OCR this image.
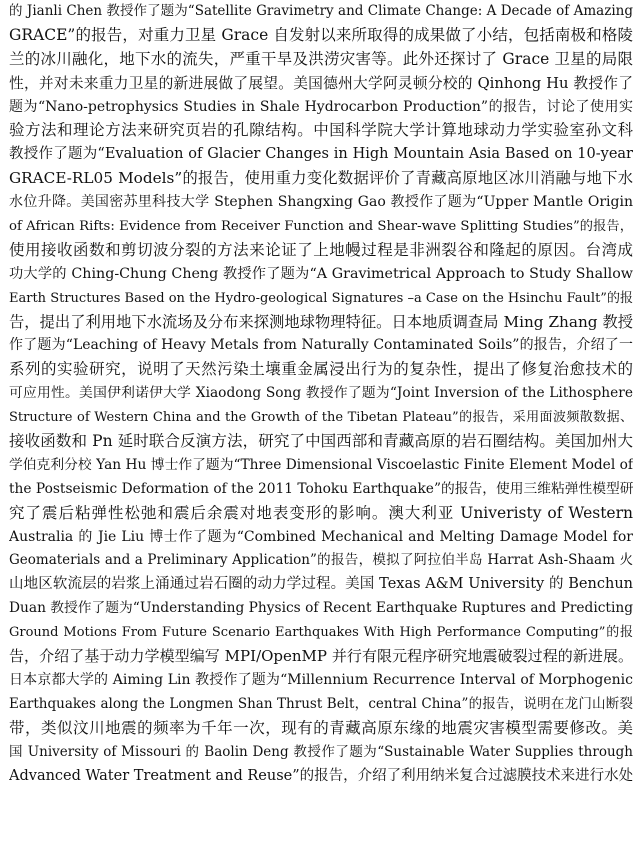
的 Jianli Chen 教授作了题为“Satellite Gravimetry and Climate Change: A Decade of Amazing
GRACE”的报告，对重力卫星 Grace 自发射以来所取得的成果做了小结，包括南极和格陵
兰的冰川融化，地下水的流失，严重干旱及洪涝灾害等。此外还探讨了 Grace 卫星的局限
性，并对未来重力卫星的新进展做了展望。美国德州大学阿灵顿分校的 Qinhong Hu 教授作了
题为“Nano-petrophysics Studies in Shale Hydrocarbon Production”的报告，讨论了使用实
验方法和理论方法来研究页岩的孔隙结构。中国科学院大学计算地球动力学实验室孙文科
教授作了题为“Evaluation of Glacier Changes in High Mountain Asia Based on 10-year
GRACE-RL05 Models”的报告，使用重力变化数据评价了青藏高原地区冰川消融与地下水
水位升降。美国密苏里科技大学 Stephen Shangxing Gao 教授作了题为“Upper Mantle Origin
of African Rifts: Evidence from Receiver Function and Shear-wave Splitting Studies”的报告，
使用接收函数和剪切波分裂的方法来论证了上地幔过程是非洲裂谷和隆起的原因。台湾成
功大学的 Ching-Chung Cheng 教授作了题为“A Gravimetrical Approach to Study Shallow
Earth Structures Based on the Hydro-geological Signatures –a Case on the Hsinchu Fault”的报
告，提出了利用地下水流场及分布来探测地球物理特征。日本地质调查局 Ming Zhang 教授
作了题为“Leaching of Heavy Metals from Naturally Contaminated Soils”的报告，介绍了一
系列的实验研究，说明了天然污染土壤重金属浸出行为的复杂性，提出了修复治愈技术的
可应用性。美国伊利诺伊大学 Xiaodong Song 教授作了题为“Joint Inversion of the Lithosphere
Structure of Western China and the Growth of the Tibetan Plateau”的报告，采用面波频散数据、
接收函数和 Pn 延时联合反演方法，研究了中国西部和青藏高原的岩石圈结构。美国加州大
学伯克利分校 Yan Hu 博士作了题为“Three Dimensional Viscoelastic Finite Element Model of
the Postseismic Deformation of the 2011 Tohoku Earthquake”的报告，使用三维粘弹性模型研
究了震后粘弹性松弛和震后余震对地表变形的影响。澳大利亚 Univeristy of Western
Australia 的 Jie Liu 博士作了题为“Combined Mechanical and Melting Damage Model for
Geomaterials and a Preliminary Application”的报告，模拟了阿拉伯半岛 Harrat Ash-Shaam 火
山地区软流层的岩浆上涌通过岩石圈的动力学过程。美国 Texas A&M University 的 Benchun
Duan 教授作了题为“Understanding Physics of Recent Earthquake Ruptures and Predicting
Ground Motions From Future Scenario Earthquakes With High Performance Computing”的报
告，介绍了基于动力学模型编写 MPI/OpenMP 并行有限元程序研究地震破裂过程的新进展。
日本京都大学的 Aiming Lin 教授作了题为“Millennium Recurrence Interval of Morphogenic
Earthquakes along the Longmen Shan Thrust Belt，central China”的报告，说明在龙门山断裂
带，类似汶川地震的频率为千年一次，现有的青藏高原东缘的地震灾害模型需要修改。美
国 University of Missouri 的 Baolin Deng 教授作了题为“Sustainable Water Supplies through
Advanced Water Treatment and Reuse”的报告，介绍了利用纳米复合过滤膜技术来进行水处
